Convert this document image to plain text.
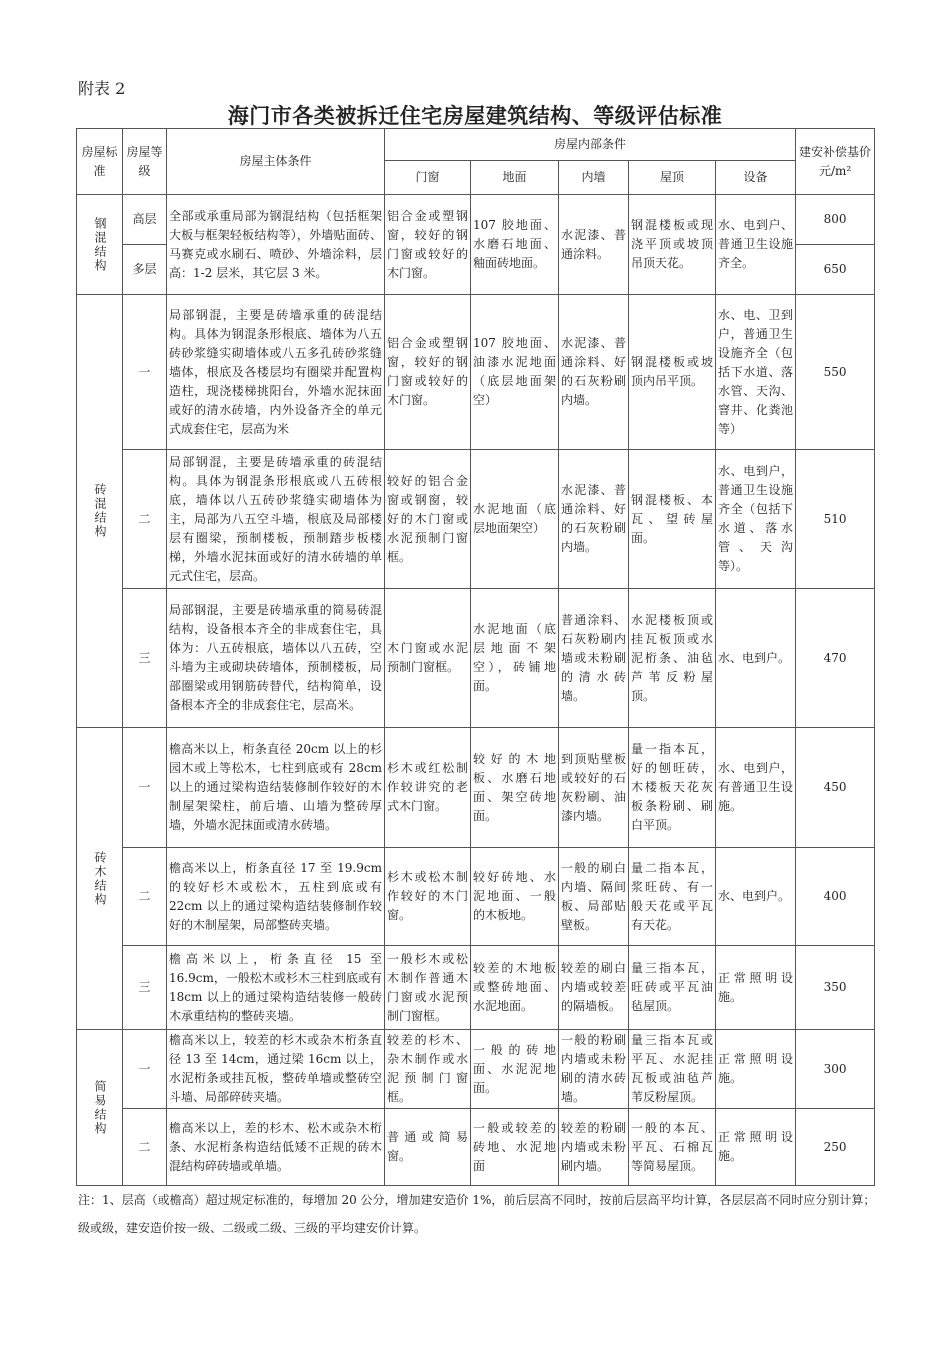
附表 2
海门市各类被拆迁住宅房屋建筑结构、等级评估标准
房屋标准	房屋等级	房屋主体条件	房屋内部条件					建安补偿基价元/m²
			门窗	地面	内墙	屋顶	设备	
钢混结构	高层	全部或承重局部为钢混结构（包括框架大板与框架轻板结构等），外墙贴面砖、马赛克或水刷石、喷砂、外墙涂料，层高：1-2 层米，其它层 3 米。	铝合金或塑钢窗，较好的钢门窗或较好的木门窗。	107 胶地面、水磨石地面、釉面砖地面。	水泥漆、普通涂料。	钢混楼板或现浇平顶或坡顶吊顶天花。	水、电到户、普通卫生设施齐全。	800
	多层							650
砖混结构	一	局部钢混，主要是砖墙承重的砖混结构。具体为钢混条形根底、墙体为八五砖砂浆缝实砌墙体或八五多孔砖砂浆缝墙体，根底及各楼层均有圈梁并配置构造柱，现浇楼梯挑阳台，外墙水泥抹面或好的清水砖墙，内外设备齐全的单元式成套住宅，层高为米	铝合金或塑钢窗，较好的钢门窗或较好的木门窗。	107 胶地面、油漆水泥地面（底层地面架空）	水泥漆、普通涂料、好的石灰粉刷内墙。	钢混楼板或坡顶内吊平顶。	水、电、卫到户，普通卫生设施齐全（包括下水道、落水管、天沟、窨井、化粪池等）	550
	二	局部钢混，主要是砖墙承重的砖混结构。具体为钢混条形根底或八五砖根底，墙体以八五砖砂浆缝实砌墙体为主，局部为八五空斗墙，根底及局部楼层有圈梁，预制楼板，预制踏步板楼梯，外墙水泥抹面或好的清水砖墙的单元式住宅，层高。	较好的铝合金窗或钢窗，较好的木门窗或水泥预制门窗框。	水泥地面（底层地面架空）	水泥漆、普通涂料、好的石灰粉刷内墙。	钢混楼板、本瓦、望砖屋面。	水、电到户，普通卫生设施齐全（包括下水道、落水管、天沟等）。	510
	三	局部钢混，主要是砖墙承重的简易砖混结构，设备根本齐全的非成套住宅，具体为：八五砖根底，墙体以八五砖，空斗墙为主或砌块砖墙体，预制楼板，局部圈梁或用钢筋砖替代，结构简单，设备根本齐全的非成套住宅，层高米。	木门窗或水泥预制门窗框。	水泥地面（底层地面不架空），砖铺地面。	普通涂料、石灰粉刷内墙或未粉刷的清水砖墙。	水泥楼板顶或挂瓦板顶或水泥桁条、油毡芦苇反粉屋顶。	水、电到户。	470
砖木结构	一	檐高米以上，桁条直径 20cm 以上的杉园木或上等松木，七柱到底或有 28cm 以上的通过梁构造结装修制作较好的木制屋架梁柱，前后墙、山墙为整砖厚墙，外墙水泥抹面或清水砖墙。	杉木或红松制作较讲究的老式木门窗。	较好的木地板、水磨石地面、架空砖地面。	到顶贴壁板或较好的石灰粉刷、油漆内墙。	量一指本瓦，好的刨旺砖，木楼板天花灰板条粉刷、刷白平顶。	水、电到户，有普通卫生设施。	450
	二	檐高米以上，桁条直径 17 至 19.9cm 的较好杉木或松木，五柱到底或有 22cm 以上的通过梁构造结装修制作较好的木制屋架，局部整砖夹墙。	杉木或松木制作较好的木门窗。	较好砖地、水泥地面、一般的木板地。	一般的刷白内墙、隔间板、局部贴壁板。	量二指本瓦，浆旺砖、有一般天花或平瓦有天花。	水、电到户。	400
	三	檐高米以上，桁条直径 15 至 16.9cm，一般松木或杉木三柱到底或有 18cm 以上的通过梁构造结装修一般砖木承重结构的整砖夹墙。	一般杉木或松木制作普通木门窗或水泥预制门窗框。	较差的木地板或整砖地面、水泥地面。	较差的刷白内墙或较差的隔墙板。	量三指本瓦，旺砖或平瓦油毡屋顶。	正常照明设施。	350
简易结构	一	檐高米以上，较差的杉木或杂木桁条直径 13 至 14cm，通过梁 16cm 以上，水泥桁条或挂瓦板，整砖单墙或整砖空斗墙、局部碎砖夹墙。	较差的杉木、杂木制作或水泥预制门窗框。	一般的砖地面、水泥泥地面。	一般的粉刷内墙或未粉刷的清水砖墙。	量三指本瓦或平瓦、水泥挂瓦板或油毡芦苇反粉屋顶。	正常照明设施。	300
	二	檐高米以上，差的杉木、松木或杂木桁条、水泥桁条构造结低矮不正规的砖木混结构碎砖墙或单墙。	普通或简易窗。	一般或较差的砖地、水泥地面	较差的粉刷内墙或未粉刷内墙。	一般的本瓦、平瓦、石棉瓦等简易屋顶。	正常照明设施。	250

注：1、层高（或檐高）超过规定标准的，每增加 20 公分，增加建安造价 1%，前后层高不同时，按前后层高平均计算，各层层高不同时应分别计算；

级或级，建安造价按一级、二级或二级、三级的平均建安价计算。
